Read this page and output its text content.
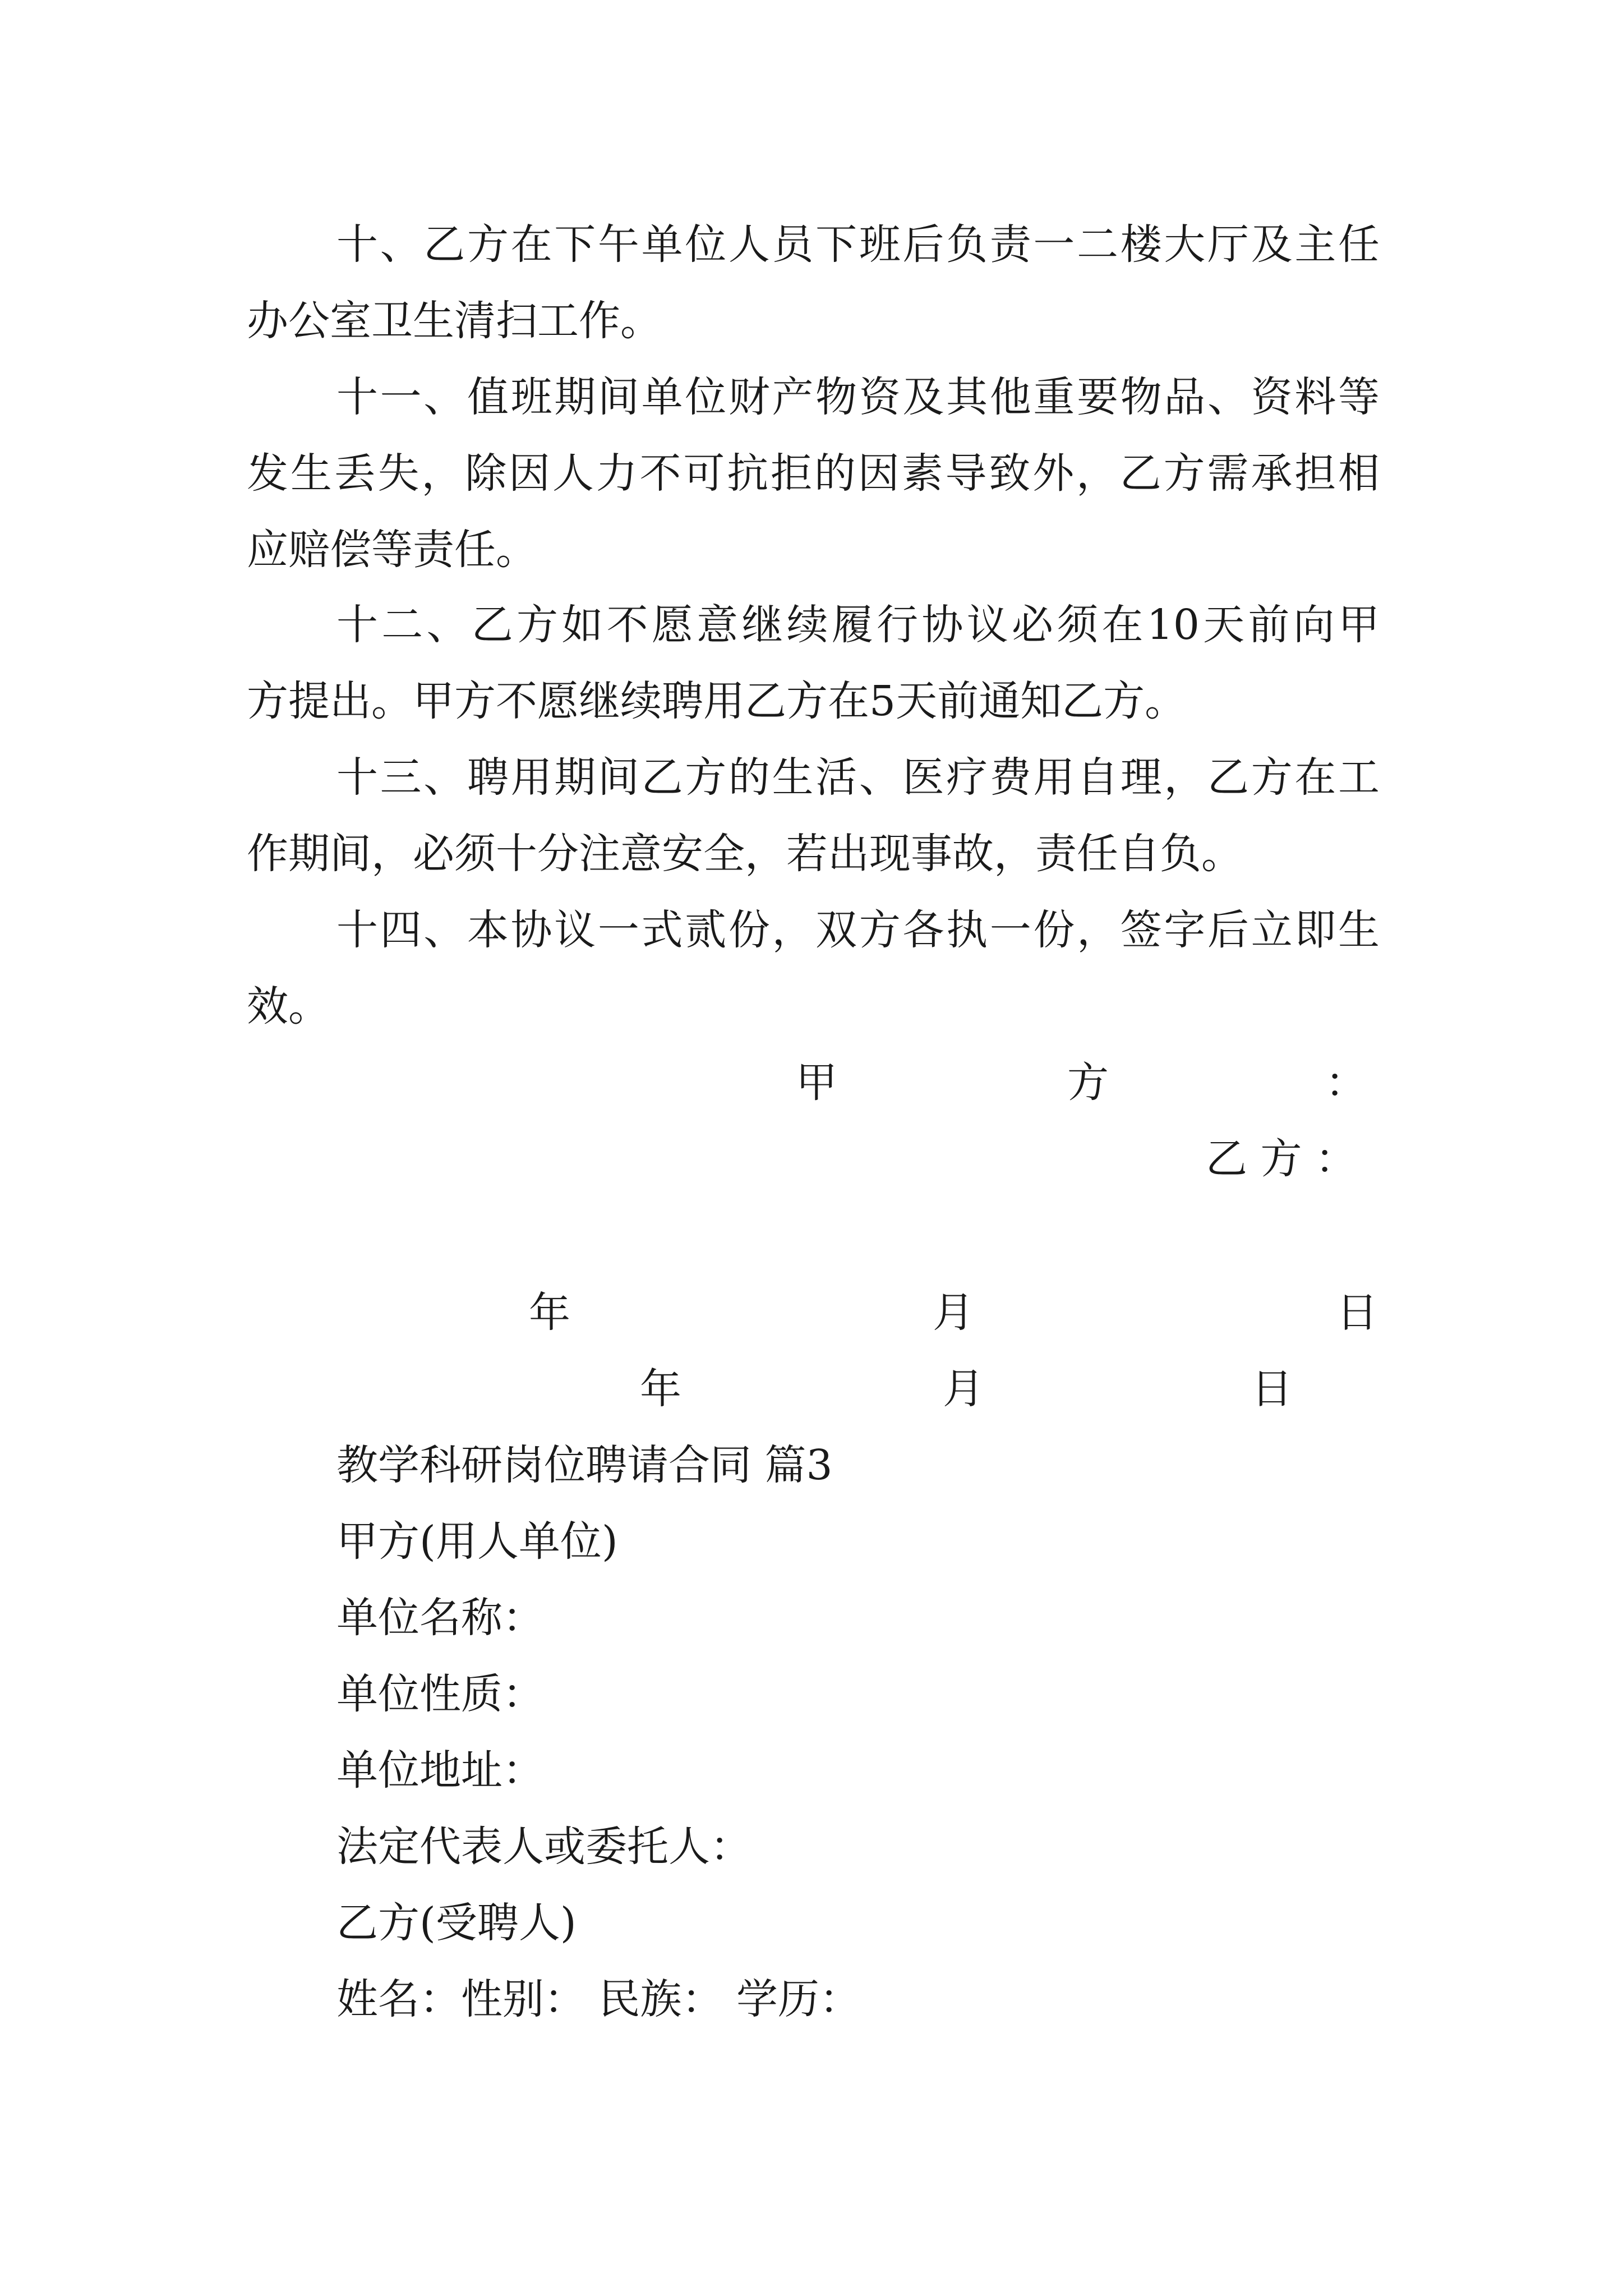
十、乙方在下午单位人员下班后负责一二楼大厅及主任
办公室卫生清扫工作。
十一、值班期间单位财产物资及其他重要物品、资料等
发生丢失，除因人力不可抗拒的因素导致外，乙方需承担相
应赔偿等责任。
十二、乙方如不愿意继续履行协议必须在10天前向甲
方提出。甲方不愿继续聘用乙方在5天前通知乙方。
十三、聘用期间乙方的生活、医疗费用自理，乙方在工
作期间，必须十分注意安全，若出现事故，责任自负。
十四、本协议一式贰份，双方各执一份，签字后立即生
效。
甲	方	：
乙 方 ：
年	月	日
年	月	日
教学科研岗位聘请合同 篇3
甲方(用人单位)
单位名称：
单位性质：
单位地址：
法定代表人或委托人：
乙方(受聘人)
姓名：性别： 民族： 学历：
